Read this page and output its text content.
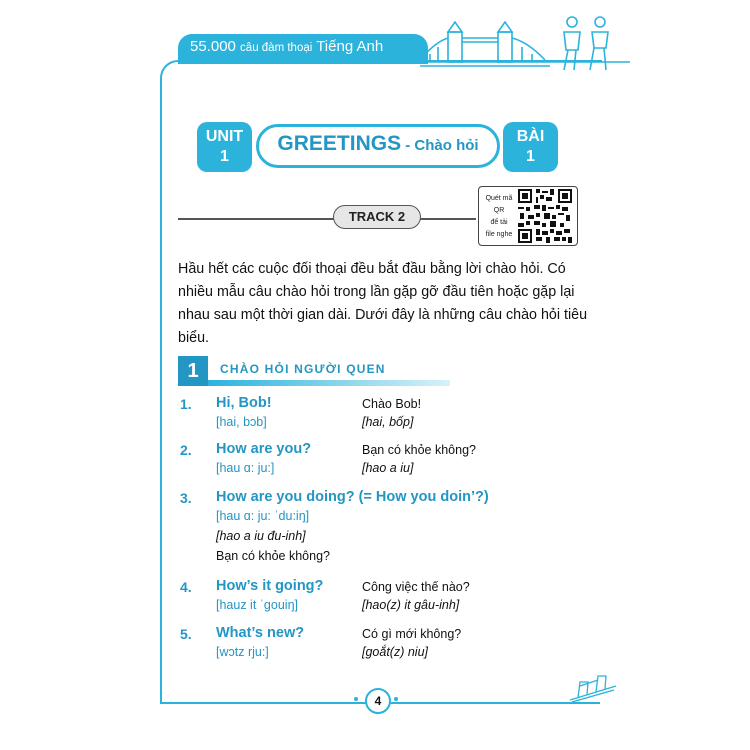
55.000 câu đàm thoại Tiếng Anh
UNIT
1
GREETINGS - Chào hỏi
BÀI
1
TRACK 2
Quét mã
QR
để tải
file nghe
Hầu hết các cuộc đối thoại đều bắt đầu bằng lời chào hỏi. Có nhiều mẫu câu chào hỏi trong lần gặp gỡ đầu tiên hoặc gặp lại nhau sau một thời gian dài. Dưới đây là những câu chào hỏi tiêu biểu.
1	CHÀO HỎI NGƯỜI QUEN
1. Hi, Bob!
[hai, bɔb]
Chào Bob!
[hai, bốp]
2. How are you?
[hau ɑ: ju:]
Bạn có khỏe không?
[hao a iu]
3. How are you doing? (= How you doin’?)
[hau ɑ: ju: ˈdu:iŋ]
[hao a iu đu-inh]
Bạn có khỏe không?
4. How’s it going?
[hauz it ˈgouiŋ]
Công việc thế nào?
[hao(z) it gâu-inh]
5. What’s new?
[wɔtz rju:]
Có gì mới không?
[goắt(z) niu]
4
